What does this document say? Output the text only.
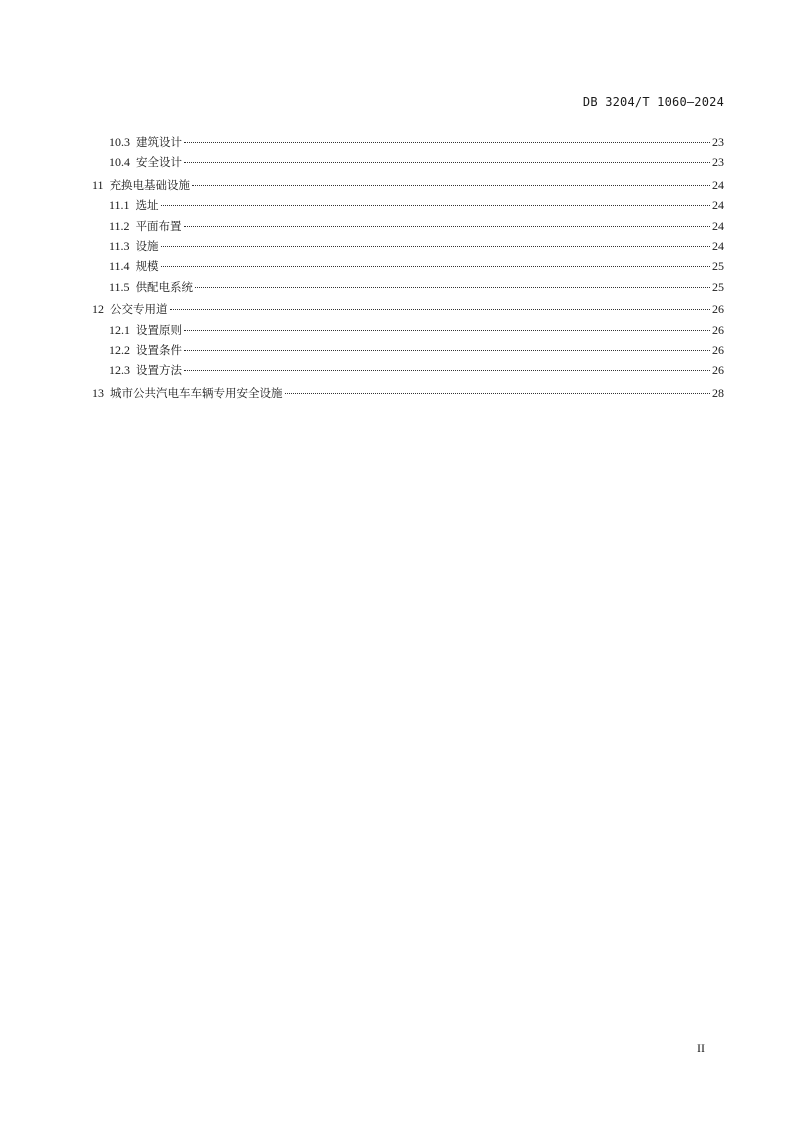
DB 3204/T 1060—2024
10.3 建筑设计	23
10.4 安全设计	23
11 充换电基础设施	24
11.1 选址	24
11.2 平面布置	24
11.3 设施	24
11.4 规模	25
11.5 供配电系统	25
12 公交专用道	26
12.1 设置原则	26
12.2 设置条件	26
12.3 设置方法	26
13 城市公共汽电车车辆专用安全设施	28
II
